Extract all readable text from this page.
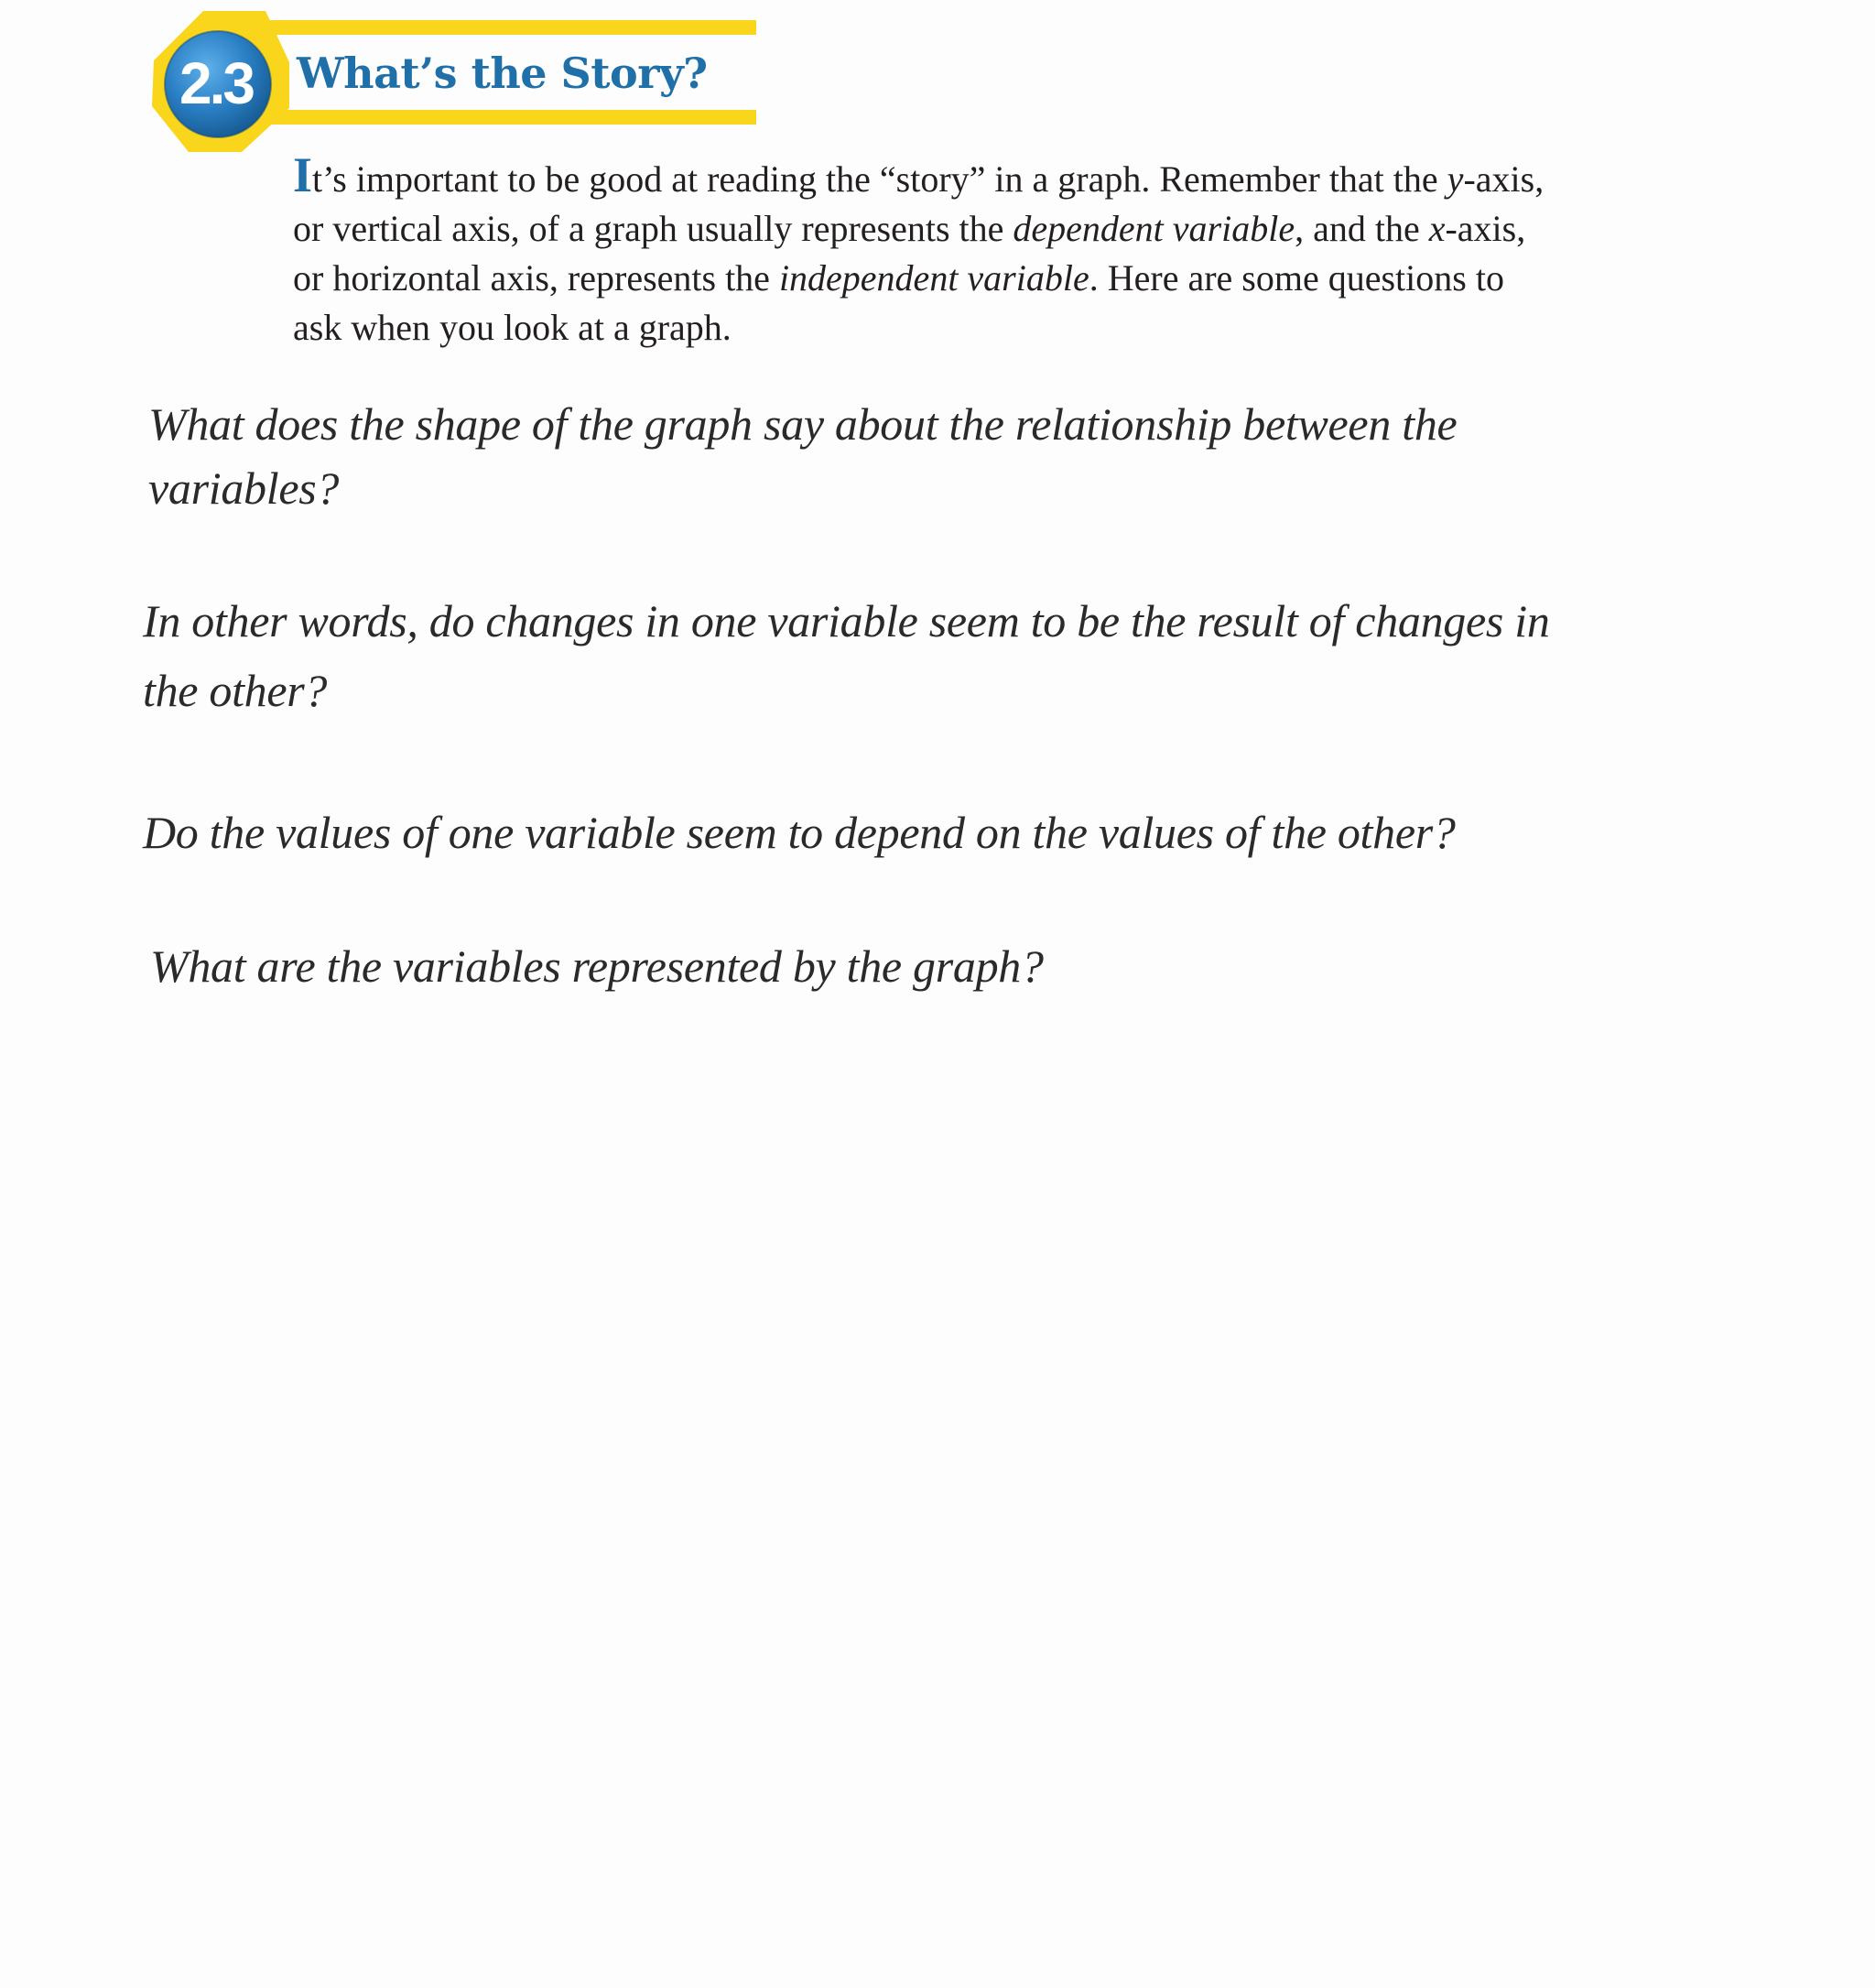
2.3	What’s the Story?

It’s important to be good at reading the “story” in a graph. Remember that the y-axis, or vertical axis, of a graph usually represents the dependent variable, and the x-axis, or horizontal axis, represents the independent variable. Here are some questions to ask when you look at a graph.

What does the shape of the graph say about the relationship between the variables?

In other words, do changes in one variable seem to be the result of changes in the other?

Do the values of one variable seem to depend on the values of the other?

What are the variables represented by the graph?
